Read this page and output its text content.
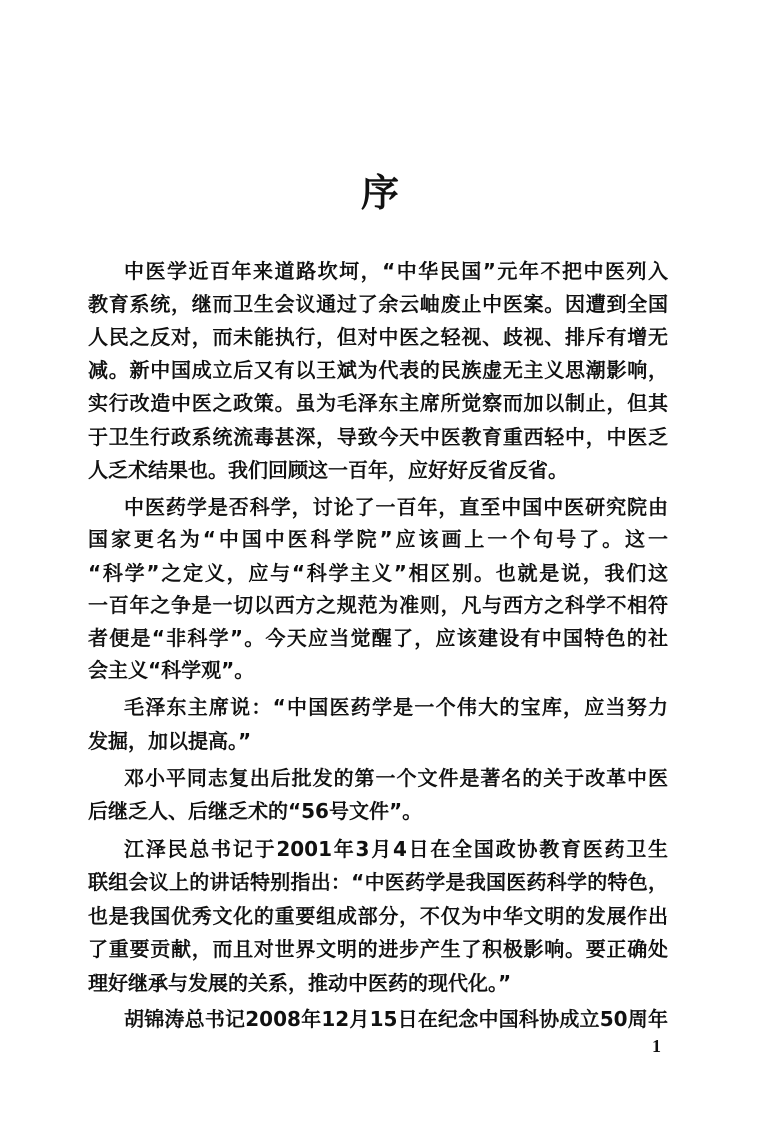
序
中医学近百年来道路坎坷，“中华民国”元年不把中医列入
教育系统，继而卫生会议通过了余云岫废止中医案。因遭到全国
人民之反对，而未能执行，但对中医之轻视、歧视、排斥有增无
减。新中国成立后又有以王斌为代表的民族虚无主义思潮影响，
实行改造中医之政策。虽为毛泽东主席所觉察而加以制止，但其
于卫生行政系统流毒甚深，导致今天中医教育重西轻中，中医乏
人乏术结果也。我们回顾这一百年，应好好反省反省。
中医药学是否科学，讨论了一百年，直至中国中医研究院由
国家更名为“中国中医科学院”应该画上一个句号了。这一
“科学”之定义，应与“科学主义”相区别。也就是说，我们这
一百年之争是一切以西方之规范为准则，凡与西方之科学不相符
者便是“非科学”。今天应当觉醒了，应该建设有中国特色的社
会主义“科学观”。
毛泽东主席说：“中国医药学是一个伟大的宝库，应当努力
发掘，加以提高。”
邓小平同志复出后批发的第一个文件是著名的关于改革中医
后继乏人、后继乏术的“56号文件”。
江泽民总书记于2001年3月4日在全国政协教育医药卫生
联组会议上的讲话特别指出：“中医药学是我国医药科学的特色，
也是我国优秀文化的重要组成部分，不仅为中华文明的发展作出
了重要贡献，而且对世界文明的进步产生了积极影响。要正确处
理好继承与发展的关系，推动中医药的现代化。”
胡锦涛总书记2008年12月15日在纪念中国科协成立50周年
1
